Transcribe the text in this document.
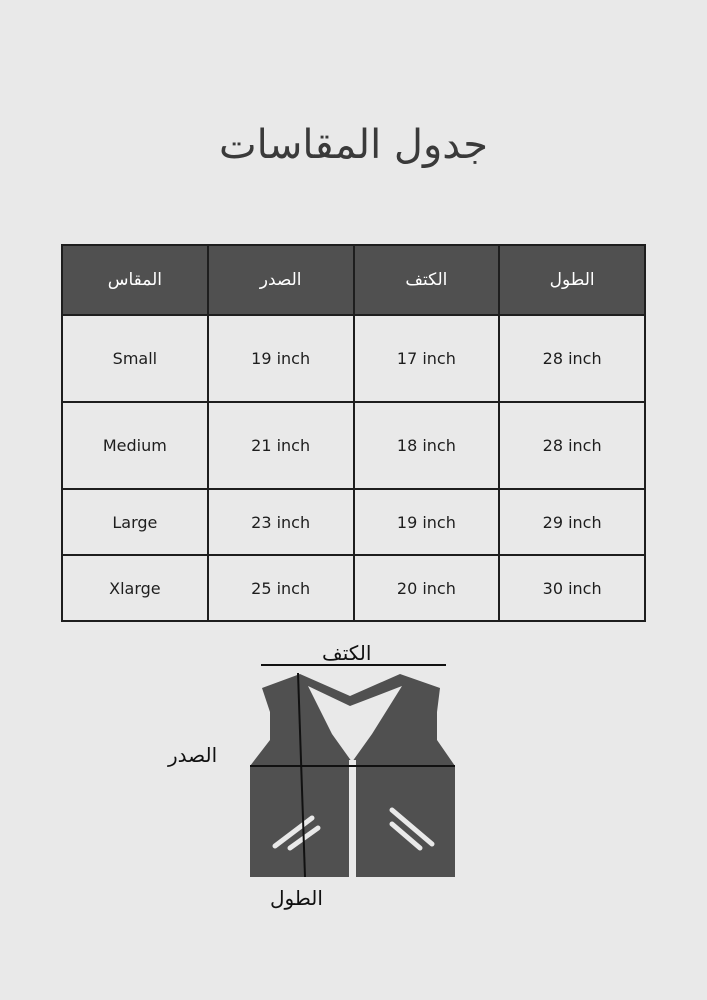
جدول المقاسات
المقاس	الصدر	الكتف	الطول
Small	19 inch	17 inch	28 inch
Medium	21 inch	18 inch	28 inch
Large	23 inch	19 inch	29 inch
Xlarge	25 inch	20 inch	30 inch
الكتف
الصدر
الطول
